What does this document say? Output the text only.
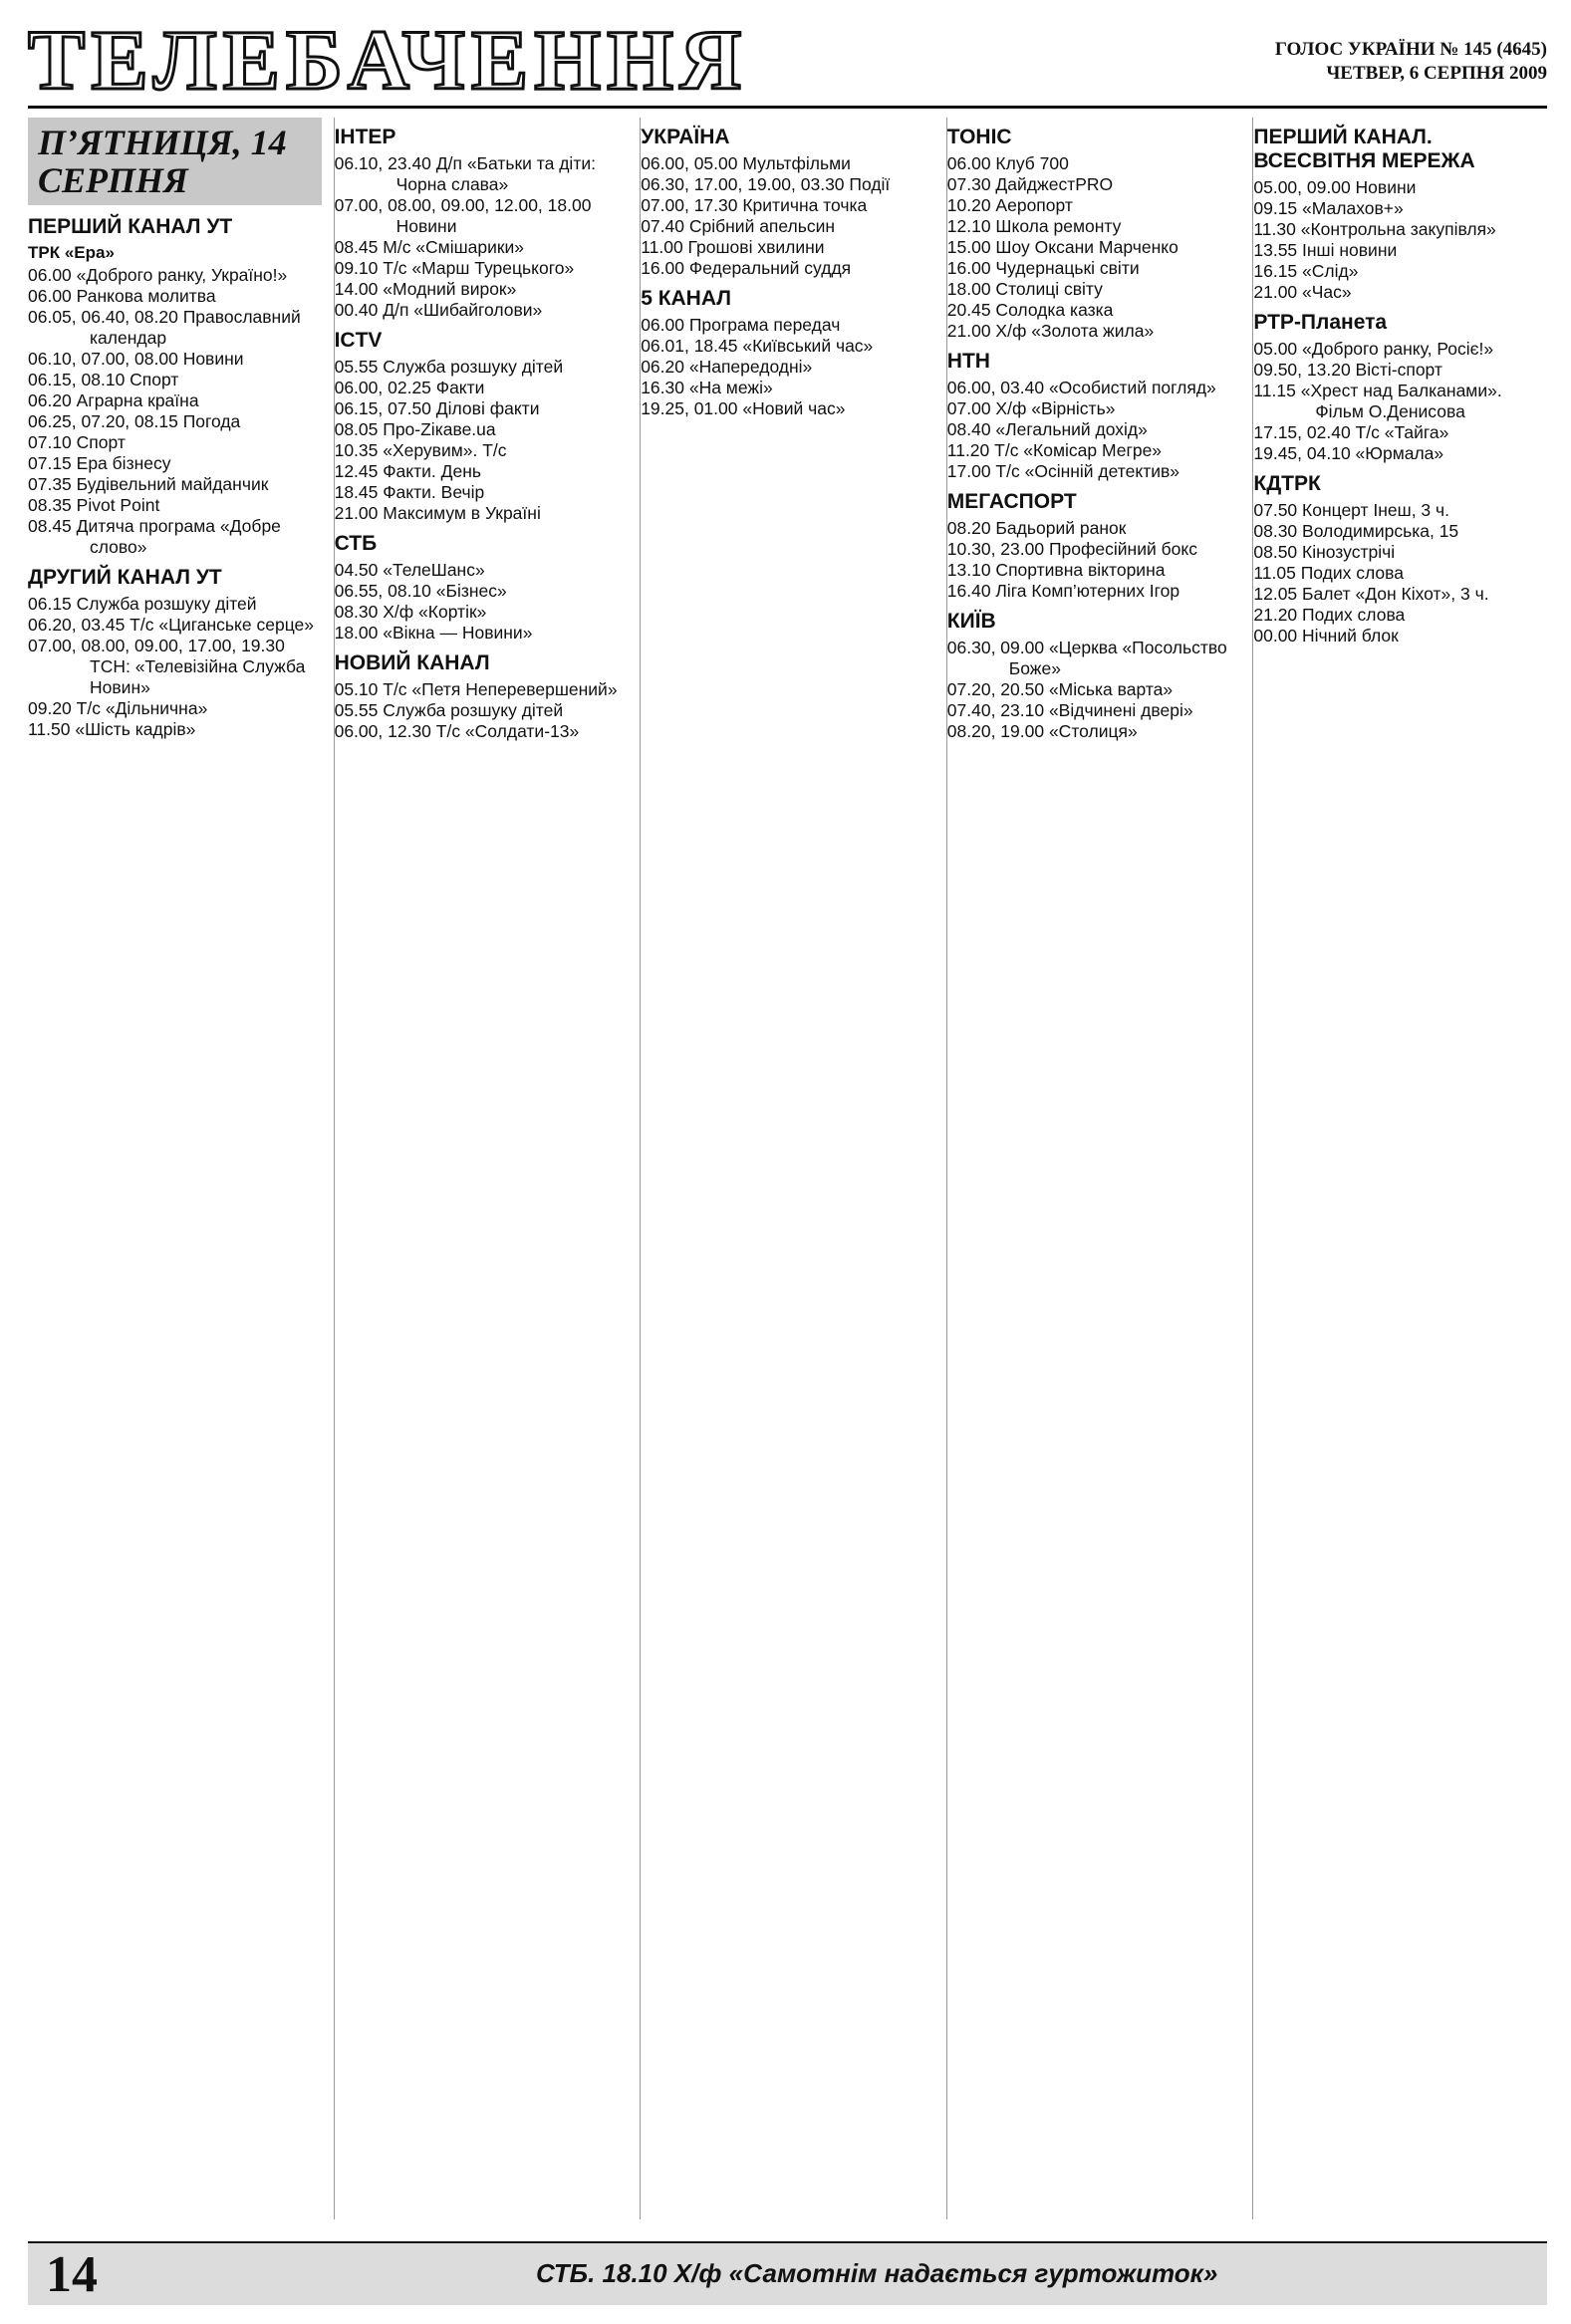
ТЕЛЕБАЧЕННЯ	ГОЛОС УКРАЇНИ № 145 (4645)
ЧЕТВЕР, 6 СЕРПНЯ 2009
П’ЯТНИЦЯ, 14 СЕРПНЯ
ПЕРШИЙ КАНАЛ УТ
ТРК «Ера»
06.00 «Доброго ранку, Україно!»
06.00 Ранкова молитва
06.05, 06.40, 08.20 Православний календар
06.10, 07.00, 08.00 Новини
06.15, 08.10 Спорт
06.20 Аграрна країна
06.25, 07.20, 08.15 Погода
07.10 Спорт
07.15 Ера бізнесу
07.35 Будівельний майданчик
08.35 Pivot Point
08.45 Дитяча програма «Добре слово»
ДРУГИЙ КАНАЛ УТ
06.15 Служба розшуку дітей
06.20, 03.45 Т/с «Циганське серце»
07.00, 08.00, 09.00, 17.00, 19.30 ТСН: «Телевізійна Служба Новин»
09.20 Т/с «Дільнична»
11.50 «Шість кадрів»
ІНТЕР
06.10, 23.40 Д/п «Батьки та діти: Чорна слава»
07.00, 08.00, 09.00, 12.00, 18.00 Новини
08.45 М/с «Смішарики»
09.10 Т/с «Марш Турецького»
14.00 «Модний вирок»
00.40 Д/п «Шибайголови»
ICTV
05.55 Служба розшуку дітей
06.00, 02.25 Факти
06.15, 07.50 Ділові факти
08.05 Про-Zікаве.ua
10.35 «Херувим». Т/с
12.45 Факти. День
18.45 Факти. Вечір
21.00 Максимум в Україні
СТБ
04.50 «ТелеШанс»
06.55, 08.10 «Бізнес»
08.30 Х/ф «Кортік»
18.00 «Вікна — Новини»
НОВИЙ КАНАЛ
05.10 Т/с «Петя Неперевершений»
05.55 Служба розшуку дітей
06.00, 12.30 Т/с «Солдати-13»
УКРАЇНА
06.00, 05.00 Мультфільми
06.30, 17.00, 19.00, 03.30 Події
07.00, 17.30 Критична точка
07.40 Срібний апельсин
11.00 Грошові хвилини
16.00 Федеральний суддя
5 КАНАЛ
06.00 Програма передач
06.01, 18.45 «Київський час»
06.20 «Напередодні»
16.30 «На межі»
19.25, 01.00 «Новий час»
ТОНІС
06.00 Клуб 700
07.30 ДайджестPRO
10.20 Аеропорт
12.10 Школа ремонту
15.00 Шоу Оксани Марченко
16.00 Чудернацькі світи
18.00 Столиці світу
20.45 Солодка казка
21.00 Х/ф «Золота жила»
НТН
06.00, 03.40 «Особистий погляд»
07.00 Х/ф «Вірність»
08.40 «Легальний дохід»
11.20 Т/с «Комісар Мегре»
17.00 Т/с «Осінній детектив»
МЕГАСПОРТ
08.20 Бадьорий ранок
10.30, 23.00 Професійний бокс
13.10 Спортивна вікторина
16.40 Ліга Комп’ютерних Ігор
КИЇВ
06.30, 09.00 «Церква «Посольство Боже»
07.20, 20.50 «Міська варта»
07.40, 23.10 «Відчинені двері»
08.20, 19.00 «Столиця»
ПЕРШИЙ КАНАЛ. ВСЕСВІТНЯ МЕРЕЖА
05.00, 09.00 Новини
09.15 «Малахов+»
11.30 «Контрольна закупівля»
13.55 Інші новини
16.15 «Слід»
21.00 «Час»
РТР-Планета
05.00 «Доброго ранку, Росіє!»
09.50, 13.20 Вісті-спорт
11.15 «Хрест над Балканами». Фільм О.Денисова
17.15, 02.40 Т/с «Тайга»
19.45, 04.10 «Юрмала»
КДТРК
07.50 Концерт Інеш, 3 ч.
08.30 Володимирська, 15
08.50 Кінозустрічі
11.05 Подих слова
12.05 Балет «Дон Кіхот», 3 ч.
21.20 Подих слова
00.00 Нічний блок
14	СТБ. 18.10 Х/ф «Самотнім надається гуртожиток»
